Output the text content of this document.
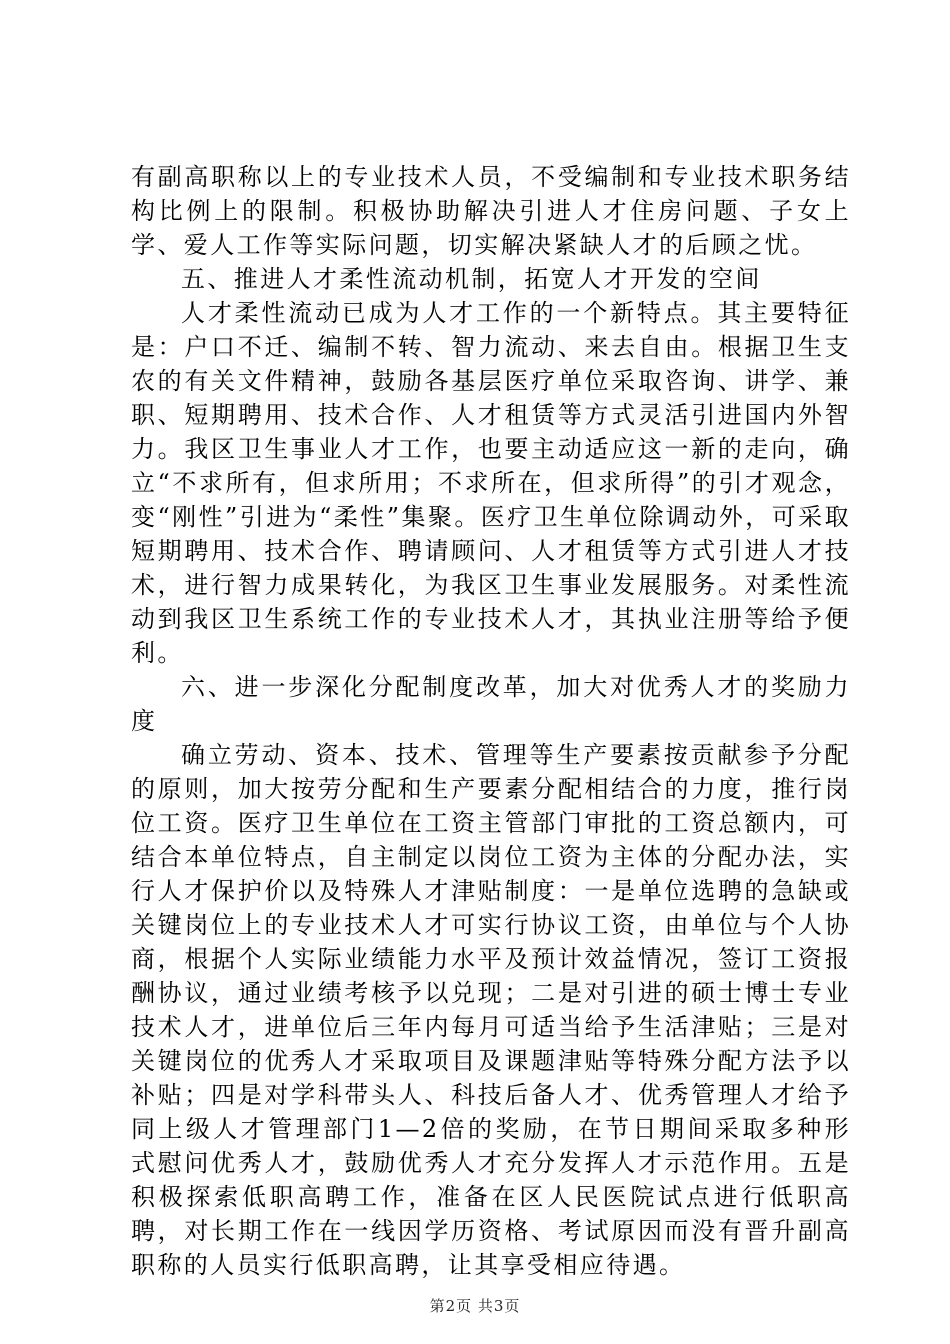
有副高职称以上的专业技术人员，不受编制和专业技术职务结构比例上的限制。积极协助解决引进人才住房问题、子女上学、爱人工作等实际问题，切实解决紧缺人才的后顾之忧。

五、推进人才柔性流动机制，拓宽人才开发的空间

人才柔性流动已成为人才工作的一个新特点。其主要特征是：户口不迁、编制不转、智力流动、来去自由。根据卫生支农的有关文件精神，鼓励各基层医疗单位采取咨询、讲学、兼职、短期聘用、技术合作、人才租赁等方式灵活引进国内外智力。我区卫生事业人才工作，也要主动适应这一新的走向，确立“不求所有，但求所用；不求所在，但求所得”的引才观念，变“刚性”引进为“柔性”集聚。医疗卫生单位除调动外，可采取短期聘用、技术合作、聘请顾问、人才租赁等方式引进人才技术，进行智力成果转化，为我区卫生事业发展服务。对柔性流动到我区卫生系统工作的专业技术人才，其执业注册等给予便利。

六、进一步深化分配制度改革，加大对优秀人才的奖励力度

确立劳动、资本、技术、管理等生产要素按贡献参予分配的原则，加大按劳分配和生产要素分配相结合的力度，推行岗位工资。医疗卫生单位在工资主管部门审批的工资总额内，可结合本单位特点，自主制定以岗位工资为主体的分配办法，实行人才保护价以及特殊人才津贴制度：一是单位选聘的急缺或关键岗位上的专业技术人才可实行协议工资，由单位与个人协商，根据个人实际业绩能力水平及预计效益情况，签订工资报酬协议，通过业绩考核予以兑现；二是对引进的硕士博士专业技术人才，进单位后三年内每月可适当给予生活津贴；三是对关键岗位的优秀人才采取项目及课题津贴等特殊分配方法予以补贴；四是对学科带头人、科技后备人才、优秀管理人才给予同上级人才管理部门1—2倍的奖励，在节日期间采取多种形式慰问优秀人才，鼓励优秀人才充分发挥人才示范作用。五是积极探索低职高聘工作，准备在区人民医院试点进行低职高聘，对长期工作在一线因学历资格、考试原因而没有晋升副高职称的人员实行低职高聘，让其享受相应待遇。

第2页 共3页
